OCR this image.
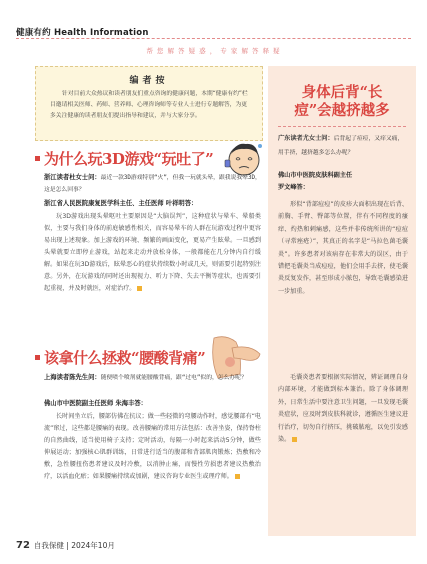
健康有约 Health Information
帮 您 解 答 疑 惑 ， 专 家 解 答 释 疑
编者按
针对目前大众热议和读者朋友们重点咨询的健康问题，本期“健康有约”栏目邀请相关医师、药师、营养师、心理咨询师等专业人士进行专题解答，为更多关注健康的读者朋友们提出指导和建议，并与大家分享。
为什么玩3D游戏“玩吐了”
浙江读者杜女士问：最近一款3D游戏特别“火”，但我一玩就头晕，跟我说我晕3D，这是怎么回事？
浙江省人民医院康复医学科主任、主任医师 叶祥明答：
玩3D游戏出现头晕呕吐主要原因是“大脑误判”，这种症状与晕车、晕船类似，主要与我们身体的前庭敏感性相关，而容易晕车的人群在玩游戏过程中更容易出现上述现象。加上游戏的环境、频繁的画面变化，更易产生眩晕。一旦感到头晕就要立即停止游戏，站起来走动并放松身体，一般都能在几分钟内自行缓解。如果在玩3D游戏后，眩晕恶心的症状持续数小时或几天，则需要引起特别注意。另外，在玩游戏的同时还出现视力、听力下降、失去平衡等症状，也需要引起重视，并及时就医，对症治疗。
该拿什么拯救“腰酸背痛”
上海读者陈先生问：随便喷个喷剂就能腰酸背痛，跟“过电”似的，怎么办呢？
佛山市中医院副主任医师 朱海丰答：
长时间坐立后，腰部仿佛在抗议；做一些轻微的弯腰动作时，感觉腰部有“电流”窜过，这些都是腰痛的表现。改善腰痛的常用方法包括：改善坐姿，保持脊柱的自然曲线，适当使用椅子支持；定时活动，每隔一小时起来活动5分钟，做些伸展运动；加强核心肌群训练，日常进行适当的腹部和背部肌肉锻炼；热敷和冷敷，急性腰扭伤患者建议及时冷敷，以消肿止痛，而慢性劳损患者建议热敷治疗，以活血化瘀；如果腰痛持续或加剧，建议咨询专业医生或理疗师。
身体后背“长
痘”会越挤越多
广东读者尤女士问：后背起了痘痘，又痒又痛，用手挤，越挤越多怎么办呢？
佛山市中医院皮肤科副主任
罗文峰答：
形似“背部痘痘”的皮疹大面积出现在后背、前胸、手臂、臀部等位置，伴有不同程度的瘙痒、灼热和刺痛感，这些并非传统所讲的“痘痘（寻常痤疮）”，其真正的名字是“马拉色菌毛囊炎”。许多患者对该病存在非常大的误区，由于错把毛囊炎当成痘痘，他们会用手去挤，使毛囊炎反复发作，甚至形成小脓包，导致毛囊感染进一步加重。
毛囊炎患者要根据实际情况，辨证调理自身内部环境，才能做到标本兼治。除了身体调理外，日常生活中要注意卫生问题，一旦发现毛囊炎症状，应及时到皮肤科就诊，遵循医生建议进行治疗，切勿自行挤压，挑破脓疱，以免引发感染。
72 自我保健 | 2024年10月
